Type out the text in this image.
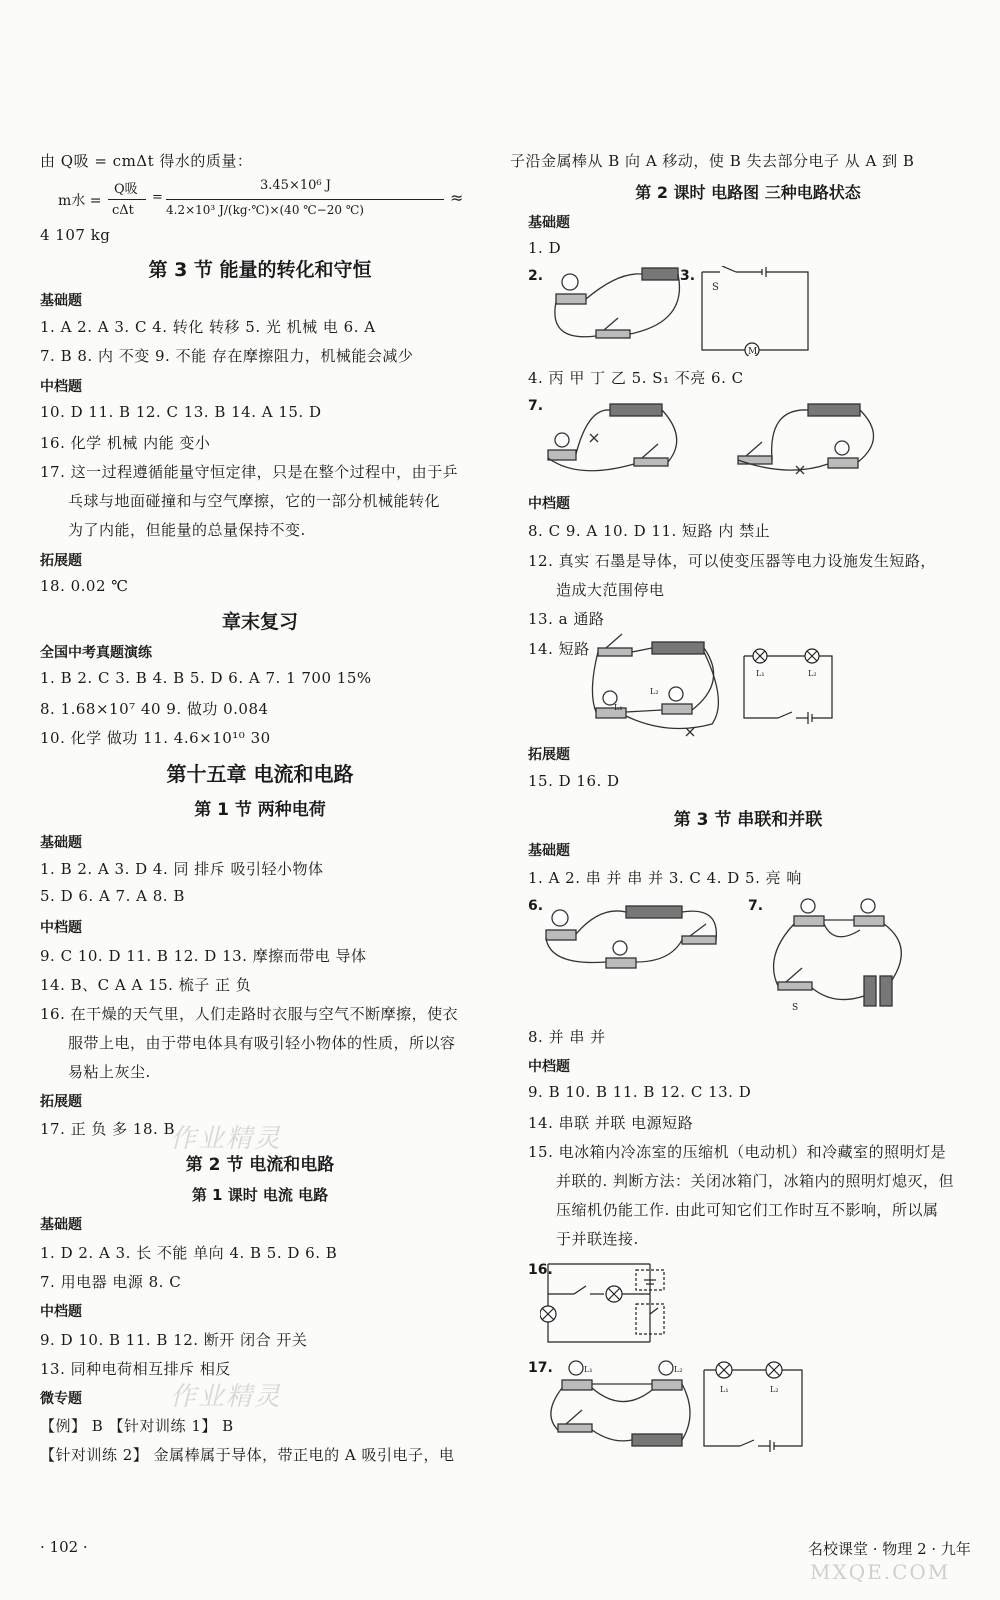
由 Q吸 = cmΔt 得水的质量：
m水 =
Q吸
cΔt
=
3.45×10⁶ J
4.2×10³ J/(kg·℃)×(40 ℃−20 ℃)
≈
4 107 kg
第 3 节 能量的转化和守恒
基础题
1. A 2. A 3. C 4. 转化 转移 5. 光 机械 电 6. A
7. B 8. 内 不变 9. 不能 存在摩擦阻力，机械能会减少
中档题
10. D 11. B 12. C 13. B 14. A 15. D
16. 化学 机械 内能 变小
17. 这一过程遵循能量守恒定律，只是在整个过程中，由于乒
乓球与地面碰撞和与空气摩擦，它的一部分机械能转化
为了内能，但能量的总量保持不变.
拓展题
18. 0.02 ℃
章末复习
全国中考真题演练
1. B 2. C 3. B 4. B 5. D 6. A 7. 1 700 15%
8. 1.68×10⁷ 40 9. 做功 0.084
10. 化学 做功 11. 4.6×10¹⁰ 30
第十五章 电流和电路
第 1 节 两种电荷
基础题
1. B 2. A 3. D 4. 同 排斥 吸引轻小物体
5. D 6. A 7. A 8. B
中档题
9. C 10. D 11. B 12. D 13. 摩擦而带电 导体
14. B、C A A 15. 梳子 正 负
16. 在干燥的天气里，人们走路时衣服与空气不断摩擦，使衣
服带上电，由于带电体具有吸引轻小物体的性质，所以容
易粘上灰尘.
拓展题
17. 正 负 多 18. B
第 2 节 电流和电路
第 1 课时 电流 电路
基础题
1. D 2. A 3. 长 不能 单向 4. B 5. D 6. B
7. 用电器 电源 8. C
中档题
9. D 10. B 11. B 12. 断开 闭合 开关
13. 同种电荷相互排斥 相反
微专题
【例】 B 【针对训练 1】 B
【针对训练 2】 金属棒属于导体，带正电的 A 吸引电子，电
子沿金属棒从 B 向 A 移动，使 B 失去部分电子 从 A 到 B
第 2 课时 电路图 三种电路状态
基础题
1. D
2.	3.
S
M
4. 丙 甲 丁 乙 5. S₁ 不亮 6. C
7.
中档题
8. C 9. A 10. D 11. 短路 内 禁止
12. 真实 石墨是导体，可以使变压器等电力设施发生短路，
造成大范围停电
13. a 通路
14. 短路
L₁
L₂
L₁	L₂
拓展题
15. D 16. D
第 3 节 串联和并联
基础题
1. A 2. 串 并 串 并 3. C 4. D 5. 亮 响
6.	7.
S
8. 并 串 并
中档题
9. B 10. B 11. B 12. C 13. D
14. 串联 并联 电源短路
15. 电冰箱内冷冻室的压缩机（电动机）和冷藏室的照明灯是
并联的. 判断方法：关闭冰箱门，冰箱内的照明灯熄灭，但
压缩机仍能工作. 由此可知它们工作时互不影响，所以属
于并联连接.
16.
17.	L₁	L₂
L₁	L₂
作业精灵
作业精灵
MXQE.COM
· 102 ·	名校课堂 · 物理 2 · 九年
